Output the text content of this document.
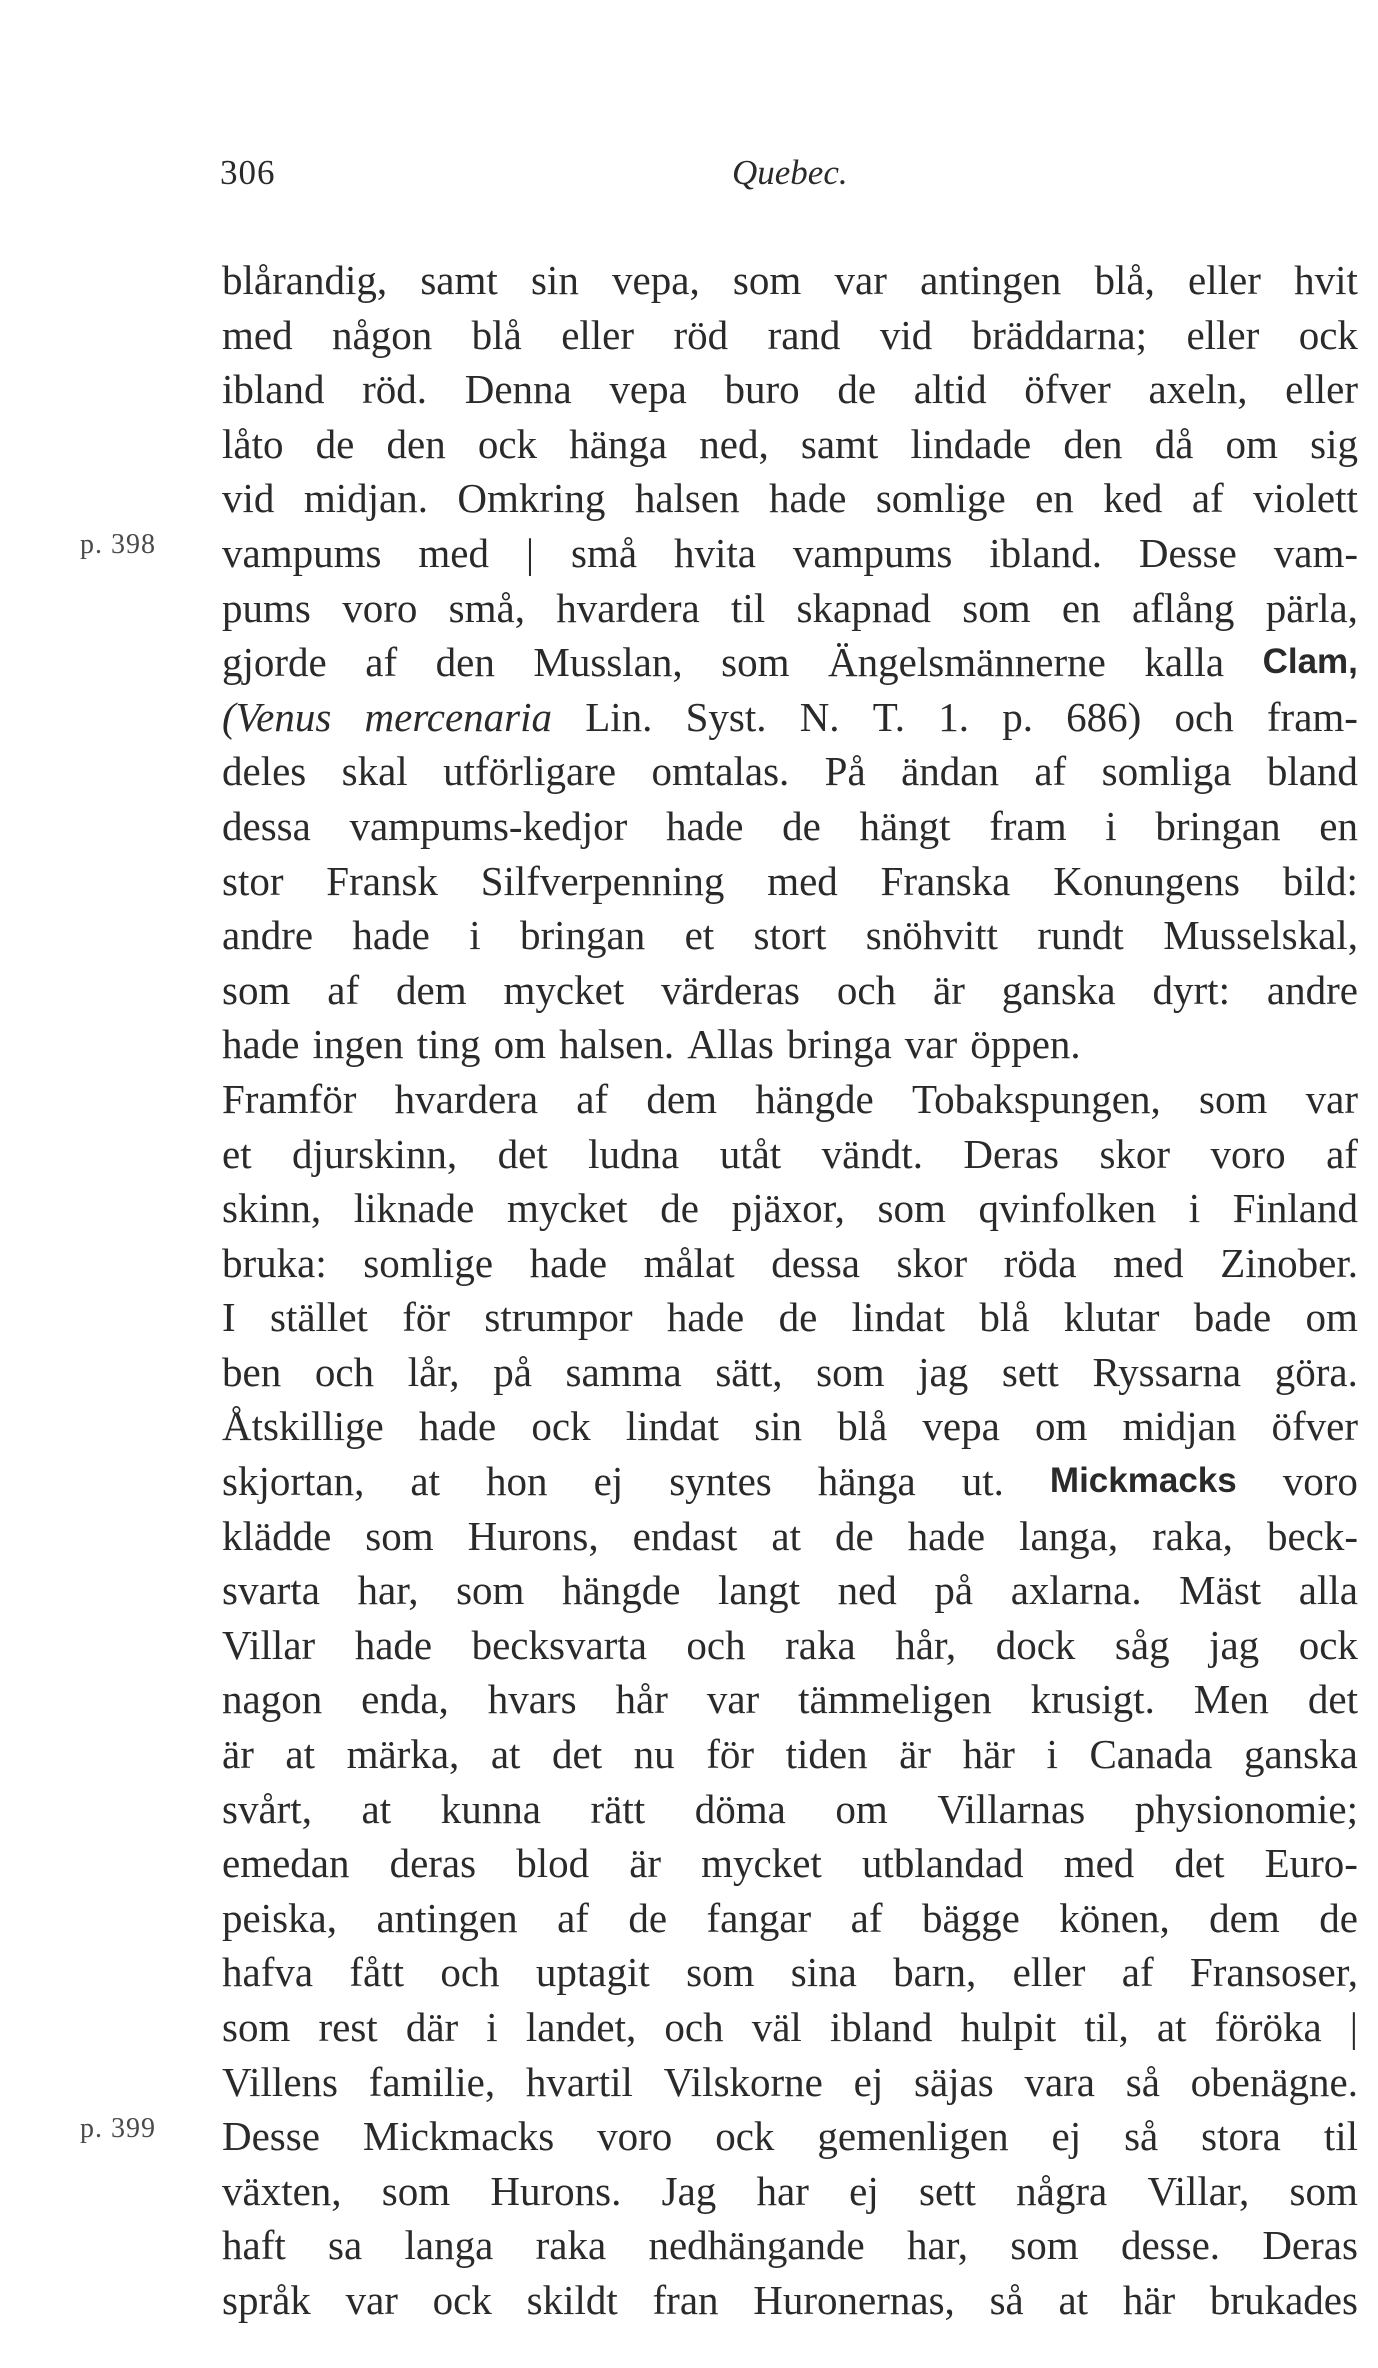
306	Quebec.
p. 398
p. 399
blårandig, samt sin vepa, som var antingen blå, eller hvit
med någon blå eller röd rand vid bräddarna; eller ock
ibland röd. Denna vepa buro de altid öfver axeln, eller
låto de den ock hänga ned, samt lindade den då om sig
vid midjan. Omkring halsen hade somlige en ked af violett
vampums med | små hvita vampums ibland. Desse vam-
pums voro små, hvardera til skapnad som en aflång pärla,
gjorde af den Musslan, som Ängelsmännerne kalla Clam,
(Venus mercenaria Lin. Syst. N. T. 1. p. 686) och fram-
deles skal utförligare omtalas. På ändan af somliga bland
dessa vampums-kedjor hade de hängt fram i bringan en
stor Fransk Silfverpenning med Franska Konungens bild:
andre hade i bringan et stort snöhvitt rundt Musselskal,
som af dem mycket värderas och är ganska dyrt: andre
hade ingen ting om halsen. Allas bringa var öppen.
Framför hvardera af dem hängde Tobakspungen, som var
et djurskinn, det ludna utåt vändt. Deras skor voro af
skinn, liknade mycket de pjäxor, som qvinfolken i Finland
bruka: somlige hade målat dessa skor röda med Zinober.
I stället för strumpor hade de lindat blå klutar bade om
ben och lår, på samma sätt, som jag sett Ryssarna göra.
Åtskillige hade ock lindat sin blå vepa om midjan öfver
skjortan, at hon ej syntes hänga ut. Mickmacks voro
klädde som Hurons, endast at de hade langa, raka, beck-
svarta har, som hängde langt ned på axlarna. Mäst alla
Villar hade becksvarta och raka hår, dock såg jag ock
nagon enda, hvars hår var tämmeligen krusigt. Men det
är at märka, at det nu för tiden är här i Canada ganska
svårt, at kunna rätt döma om Villarnas physionomie;
emedan deras blod är mycket utblandad med det Euro-
peiska, antingen af de fangar af bägge könen, dem de
hafva fått och uptagit som sina barn, eller af Fransoser,
som rest där i landet, och väl ibland hulpit til, at föröka |
Villens familie, hvartil Vilskorne ej säjas vara så obenägne.
Desse Mickmacks voro ock gemenligen ej så stora til
växten, som Hurons. Jag har ej sett några Villar, som
haft sa langa raka nedhängande har, som desse. Deras
språk var ock skildt fran Huronernas, så at här brukades
